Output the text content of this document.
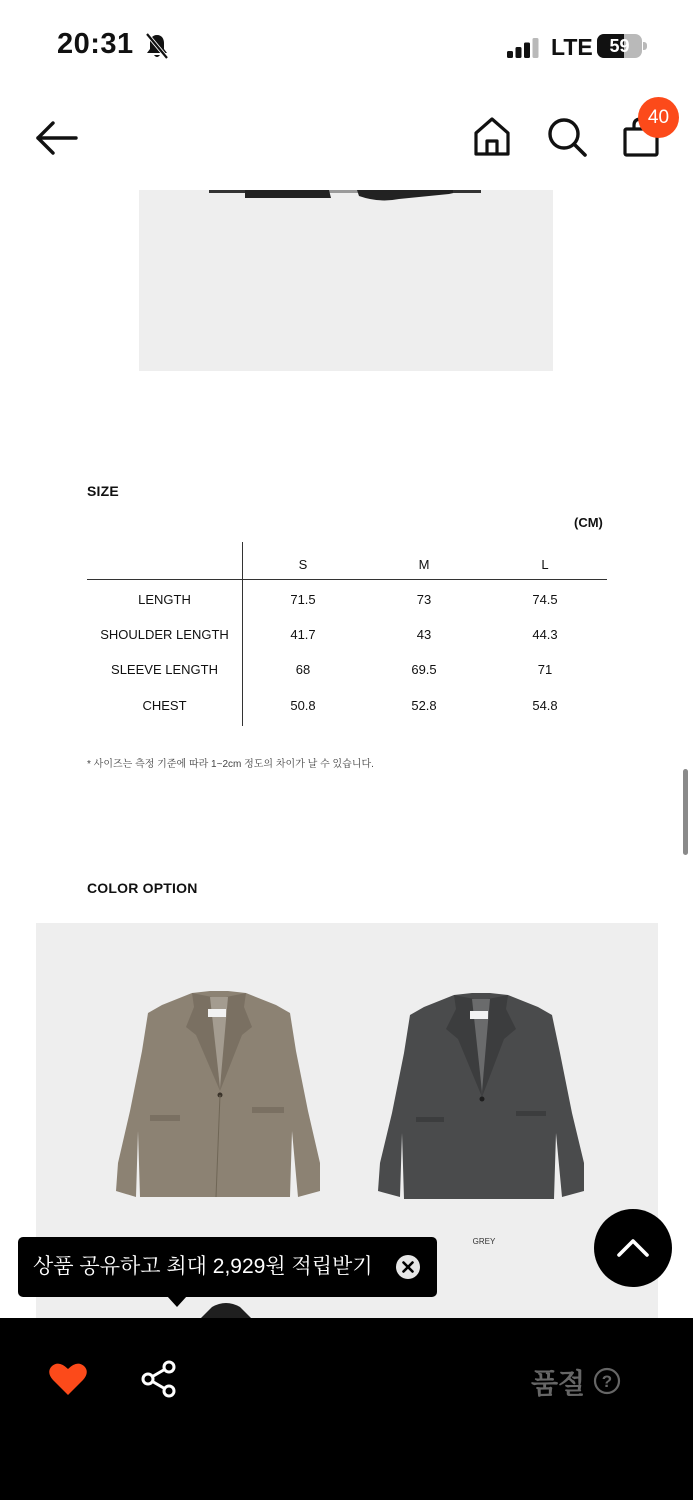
20:31	LTE 59
40
SIZE
(CM)
S	M	L
LENGTH	71.5	73	74.5
SHOULDER LENGTH	41.7	43	44.3
SLEEVE LENGTH	68	69.5	71
CHEST	50.8	52.8	54.8
* 사이즈는 측정 기준에 따라 1~2cm 정도의 차이가 날 수 있습니다.
COLOR OPTION
GREY
상품 공유하고 최대 2,929원 적립받기
품절 ?
